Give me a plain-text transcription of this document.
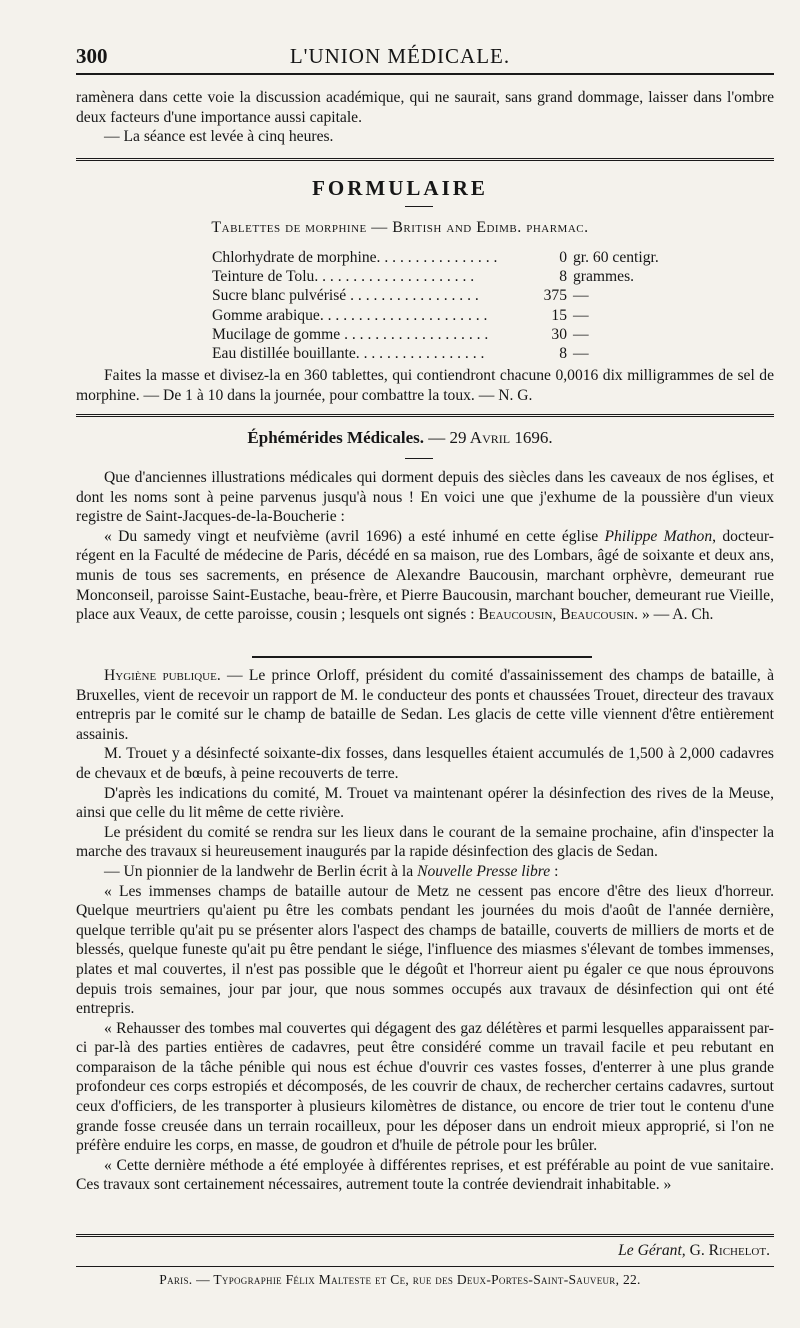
300	L'UNION MÉDICALE.

ramènera dans cette voie la discussion académique, qui ne saurait, sans grand dommage, laisser dans l'ombre deux facteurs d'une importance aussi capitale.

— La séance est levée à cinq heures.

FORMULAIRE
Tablettes de morphine — British and Edimb. pharmac.
Chlorhydrate de morphine. . . . . . . . . . . . . . . .	0 gr. 60 centigr.
Teinture de Tolu. . . . . . . . . . . . . . . . . . . . .	8 grammes.
Sucre blanc pulvérisé . . . . . . . . . . . . . . . . .	375 —
Gomme arabique. . . . . . . . . . . . . . . . . . . . . .	15 —
Mucilage de gomme . . . . . . . . . . . . . . . . . . .	30 —
Eau distillée bouillante. . . . . . . . . . . . . . . . .	8 —

Faites la masse et divisez-la en 360 tablettes, qui contiendront chacune 0,0016 dix milligrammes de sel de morphine. — De 1 à 10 dans la journée, pour combattre la toux. — N. G.

Éphémérides Médicales. — 29 Avril 1696.

Que d'anciennes illustrations médicales qui dorment depuis des siècles dans les caveaux de nos églises, et dont les noms sont à peine parvenus jusqu'à nous ! En voici une que j'exhume de la poussière d'un vieux registre de Saint-Jacques-de-la-Boucherie :

« Du samedy vingt et neufvième (avril 1696) a esté inhumé en cette église Philippe Mathon, docteur-régent en la Faculté de médecine de Paris, décédé en sa maison, rue des Lombars, âgé de soixante et deux ans, munis de tous ses sacrements, en présence de Alexandre Baucousin, marchant orphèvre, demeurant rue Monconseil, paroisse Saint-Eustache, beau-frère, et Pierre Baucousin, marchant boucher, demeurant rue Vieille, place aux Veaux, de cette paroisse, cousin ; lesquels ont signés : Beaucousin, Beaucousin. » — A. Ch.

Hygiène publique. — Le prince Orloff, président du comité d'assainissement des champs de bataille, à Bruxelles, vient de recevoir un rapport de M. le conducteur des ponts et chaussées Trouet, directeur des travaux entrepris par le comité sur le champ de bataille de Sedan. Les glacis de cette ville viennent d'être entièrement assainis.

M. Trouet y a désinfecté soixante-dix fosses, dans lesquelles étaient accumulés de 1,500 à 2,000 cadavres de chevaux et de bœufs, à peine recouverts de terre.

D'après les indications du comité, M. Trouet va maintenant opérer la désinfection des rives de la Meuse, ainsi que celle du lit même de cette rivière.

Le président du comité se rendra sur les lieux dans le courant de la semaine prochaine, afin d'inspecter la marche des travaux si heureusement inaugurés par la rapide désinfection des glacis de Sedan.

— Un pionnier de la landwehr de Berlin écrit à la Nouvelle Presse libre :

« Les immenses champs de bataille autour de Metz ne cessent pas encore d'être des lieux d'horreur. Quelque meurtriers qu'aient pu être les combats pendant les journées du mois d'août de l'année dernière, quelque terrible qu'ait pu se présenter alors l'aspect des champs de bataille, couverts de milliers de morts et de blessés, quelque funeste qu'ait pu être pendant le siége, l'influence des miasmes s'élevant de tombes immenses, plates et mal couvertes, il n'est pas possible que le dégoût et l'horreur aient pu égaler ce que nous éprouvons depuis trois semaines, jour par jour, que nous sommes occupés aux travaux de désinfection qui ont été entrepris.

« Rehausser des tombes mal couvertes qui dégagent des gaz délétères et parmi lesquelles apparaissent par-ci par-là des parties entières de cadavres, peut être considéré comme un travail facile et peu rebutant en comparaison de la tâche pénible qui nous est échue d'ouvrir ces vastes fosses, d'enterrer à une plus grande profondeur ces corps estropiés et décomposés, de les couvrir de chaux, de rechercher certains cadavres, surtout ceux d'officiers, de les transporter à plusieurs kilomètres de distance, ou encore de trier tout le contenu d'une grande fosse creusée dans un terrain rocailleux, pour les déposer dans un endroit mieux approprié, si l'on ne préfère enduire les corps, en masse, de goudron et d'huile de pétrole pour les brûler.

« Cette dernière méthode a été employée à différentes reprises, et est préférable au point de vue sanitaire. Ces travaux sont certainement nécessaires, autrement toute la contrée deviendrait inhabitable. »

Le Gérant, G. Richelot.
Paris. — Typographie Félix Malteste et Ce, rue des Deux-Portes-Saint-Sauveur, 22.
